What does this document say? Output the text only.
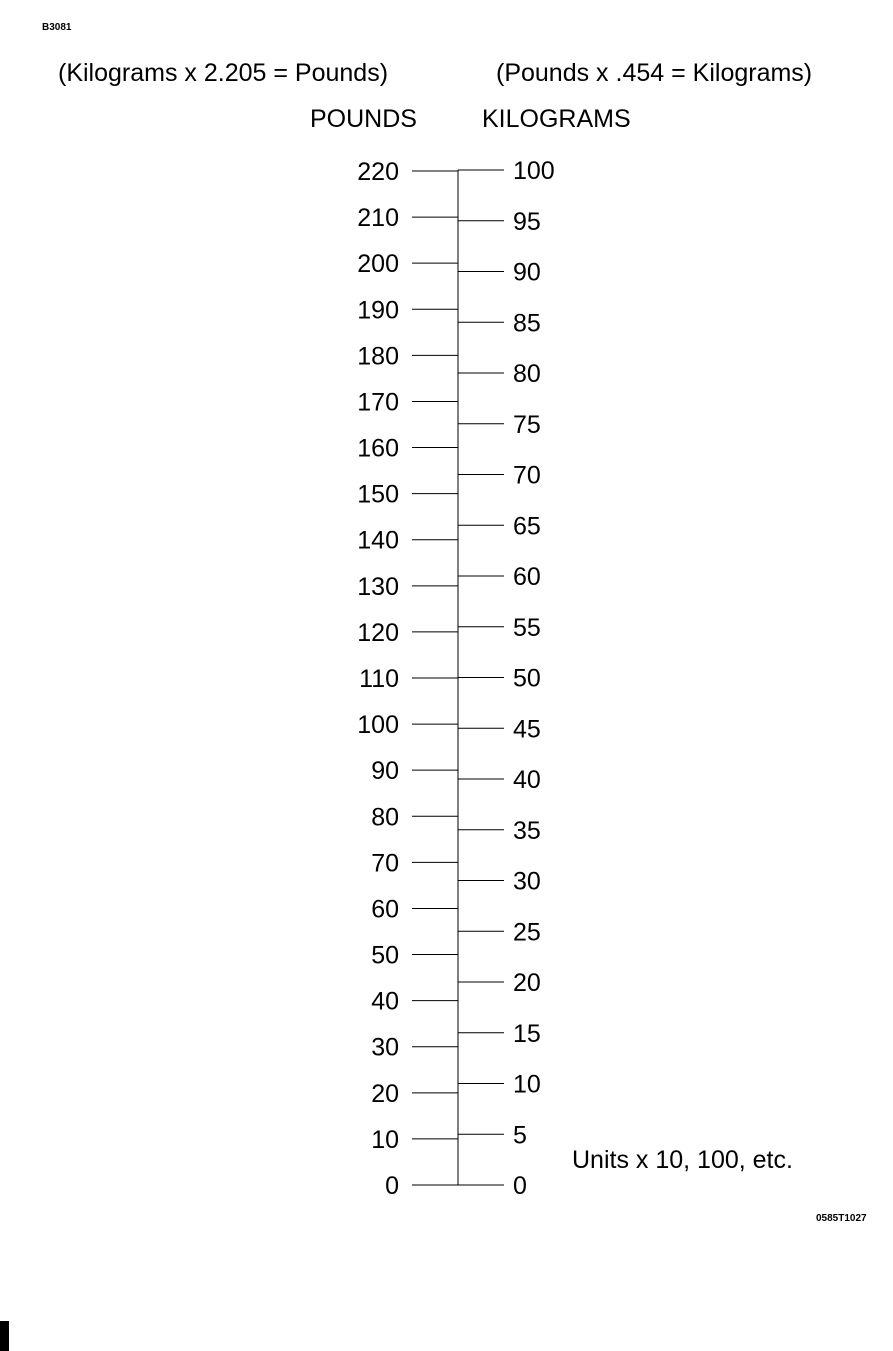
B3081
(Kilograms x 2.205 = Pounds)	(Pounds x .454 = Kilograms)
POUNDS	KILOGRAMS
220
210
200
190
180
170
160
150
140
130
120
110
100
90
80
70
60
50
40
30
20
10
0
100
95
90
85
80
75
70
65
60
55
50
45
40
35
30
25
20
15
10
5
0
Units x 10, 100, etc.
0585T1027
